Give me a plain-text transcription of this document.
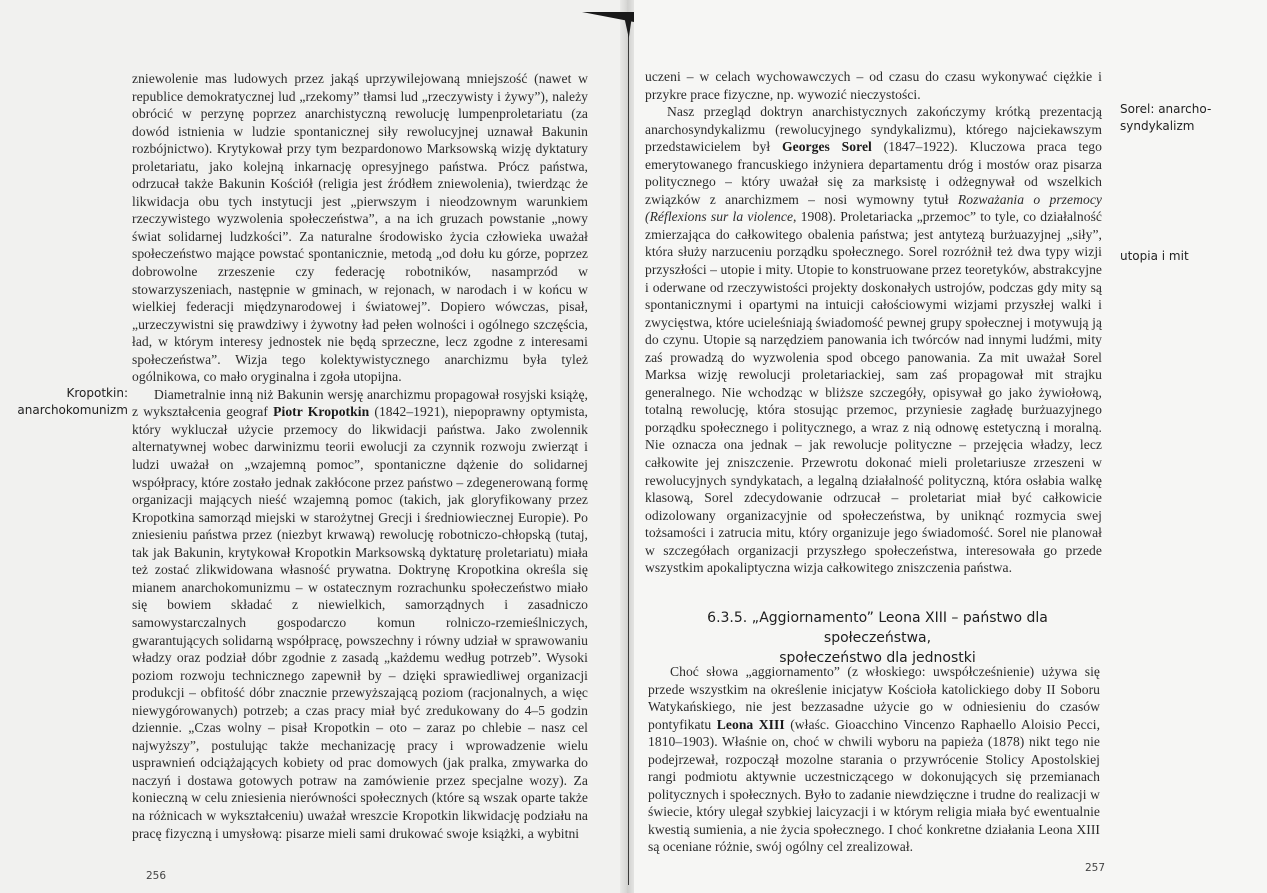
Kropotkin:
anarchokomunizm

zniewolenie mas ludowych przez jakąś uprzywilejowaną mniejszość (nawet w republice demokratycznej lud „rzekomy” tłamsi lud „rzeczywisty i żywy”), należy obrócić w perzynę poprzez anarchistyczną rewolucję lumpenproletariatu (za dowód istnienia w ludzie spontanicznej siły rewolucyjnej uznawał Bakunin rozbójnictwo). Krytykował przy tym bezpardonowo Marksowską wizję dyktatury proletariatu, jako kolejną inkarnację opresyjnego państwa. Prócz państwa, odrzucał także Bakunin Kościół (religia jest źródłem zniewolenia), twierdząc że likwidacja obu tych instytucji jest „pierwszym i nieodzownym warunkiem rzeczywistego wyzwolenia społeczeństwa”, a na ich gruzach powstanie „nowy świat solidarnej ludzkości”. Za naturalne środowisko życia człowieka uważał społeczeństwo mające powstać spontanicznie, metodą „od dołu ku górze, poprzez dobrowolne zrzeszenie czy federację robotników, nasamprzód w stowarzyszeniach, następnie w gminach, w rejonach, w narodach i w końcu w wielkiej federacji międzynarodowej i światowej”. Dopiero wówczas, pisał, „urzeczywistni się prawdziwy i żywotny ład pełen wolności i ogólnego szczęścia, ład, w którym interesy jednostek nie będą sprzeczne, lecz zgodne z interesami społeczeństwa”. Wizja tego kolektywistycznego anarchizmu była tyleż ogólnikowa, co mało oryginalna i zgoła utopijna.

Diametralnie inną niż Bakunin wersję anarchizmu propagował rosyjski książę, z wykształcenia geograf Piotr Kropotkin (1842–1921), niepoprawny optymista, który wykluczał użycie przemocy do likwidacji państwa. Jako zwolennik alternatywnej wobec darwinizmu teorii ewolucji za czynnik rozwoju zwierząt i ludzi uważał on „wzajemną pomoc”, spontaniczne dążenie do solidarnej współpracy, które zostało jednak zakłócone przez państwo – zdegenerowaną formę organizacji mających nieść wzajemną pomoc (takich, jak gloryfikowany przez Kropotkina samorząd miejski w starożytnej Grecji i średniowiecznej Europie). Po zniesieniu państwa przez (niezbyt krwawą) rewolucję robotniczo-chłopską (tutaj, tak jak Bakunin, krytykował Kropotkin Marksowską dyktaturę proletariatu) miała też zostać zlikwidowana własność prywatna. Doktrynę Kropotkina określa się mianem anarchokomunizmu – w ostatecznym rozrachunku społeczeństwo miało się bowiem składać z niewielkich, samorządnych i zasadniczo samowystarczalnych gospodarczo komun rolniczo-rzemieślniczych, gwarantujących solidarną współpracę, powszechny i równy udział w sprawowaniu władzy oraz podział dóbr zgodnie z zasadą „każdemu według potrzeb”. Wysoki poziom rozwoju technicznego zapewnił by – dzięki sprawiedliwej organizacji produkcji – obfitość dóbr znacznie przewyższającą poziom (racjonalnych, a więc niewygórowanych) potrzeb; a czas pracy miał być zredukowany do 4–5 godzin dziennie. „Czas wolny – pisał Kropotkin – oto – zaraz po chlebie – nasz cel najwyższy”, postulując także mechanizację pracy i wprowadzenie wielu usprawnień odciążających kobiety od prac domowych (jak pralka, zmywarka do naczyń i dostawa gotowych potraw na zamówienie przez specjalne wozy). Za konieczną w celu zniesienia nierówności społecznych (które są wszak oparte także na różnicach w wykształceniu) uważał wreszcie Kropotkin likwidację podziału na pracę fizyczną i umysłową: pisarze mieli sami drukować swoje książki, a wybitni

256

uczeni – w celach wychowawczych – od czasu do czasu wykonywać ciężkie i przykre prace fizyczne, np. wywozić nieczystości.

Nasz przegląd doktryn anarchistycznych zakończymy krótką prezentacją anarchosyndykalizmu (rewolucyjnego syndykalizmu), którego najciekawszym przedstawicielem był Georges Sorel (1847–1922). Kluczowa praca tego emerytowanego francuskiego inżyniera departamentu dróg i mostów oraz pisarza politycznego – który uważał się za marksistę i odżegnywał od wszelkich związków z anarchizmem – nosi wymowny tytuł Rozważania o przemocy (Réflexions sur la violence, 1908). Proletariacka „przemoc” to tyle, co działalność zmierzająca do całkowitego obalenia państwa; jest antytezą burżuazyjnej „siły”, która służy narzuceniu porządku społecznego. Sorel rozróżnił też dwa typy wizji przyszłości – utopie i mity. Utopie to konstruowane przez teoretyków, abstrakcyjne i oderwane od rzeczywistości projekty doskonałych ustrojów, podczas gdy mity są spontanicznymi i opartymi na intuicji całościowymi wizjami przyszłej walki i zwycięstwa, które ucieleśniają świadomość pewnej grupy społecznej i motywują ją do czynu. Utopie są narzędziem panowania ich twórców nad innymi ludźmi, mity zaś prowadzą do wyzwolenia spod obcego panowania. Za mit uważał Sorel Marksa wizję rewolucji proletariackiej, sam zaś propagował mit strajku generalnego. Nie wchodząc w bliższe szczegóły, opisywał go jako żywiołową, totalną rewolucję, która stosując przemoc, przyniesie zagładę burżuazyjnego porządku społecznego i politycznego, a wraz z nią odnowę estetyczną i moralną. Nie oznacza ona jednak – jak rewolucje polityczne – przejęcia władzy, lecz całkowite jej zniszczenie. Przewrotu dokonać mieli proletariusze zrzeszeni w rewolucyjnych syndykatach, a legalną działalność polityczną, która osłabia walkę klasową, Sorel zdecydowanie odrzucał – proletariat miał być całkowicie odizolowany organizacyjnie od społeczeństwa, by uniknąć rozmycia swej tożsamości i zatrucia mitu, który organizuje jego świadomość. Sorel nie planował w szczegółach organizacji przyszłego społeczeństwa, interesowała go przede wszystkim apokaliptyczna wizja całkowitego zniszczenia państwa.

Sorel: anarcho-
syndykalizm
utopia i mit
6.3.5. „Aggiornamento” Leona XIII – państwo dla społeczeństwa,
społeczeństwo dla jednostki

Choć słowa „aggiornamento” (z włoskiego: uwspółcześnienie) używa się przede wszystkim na określenie inicjatyw Kościoła katolickiego doby II Soboru Watykańskiego, nie jest bezzasadne użycie go w odniesieniu do czasów pontyfikatu Leona XIII (właśc. Gioacchino Vincenzo Raphaello Aloisio Pecci, 1810–1903). Właśnie on, choć w chwili wyboru na papieża (1878) nikt tego nie podejrzewał, rozpoczął mozolne starania o przywrócenie Stolicy Apostolskiej rangi podmiotu aktywnie uczestniczącego w dokonujących się przemianach politycznych i społecznych. Było to zadanie niewdzięczne i trudne do realizacji w świecie, który ulegał szybkiej laicyzacji i w którym religia miała być ewentualnie kwestią sumienia, a nie życia społecznego. I choć konkretne działania Leona XIII są oceniane różnie, swój ogólny cel zrealizował.

257
